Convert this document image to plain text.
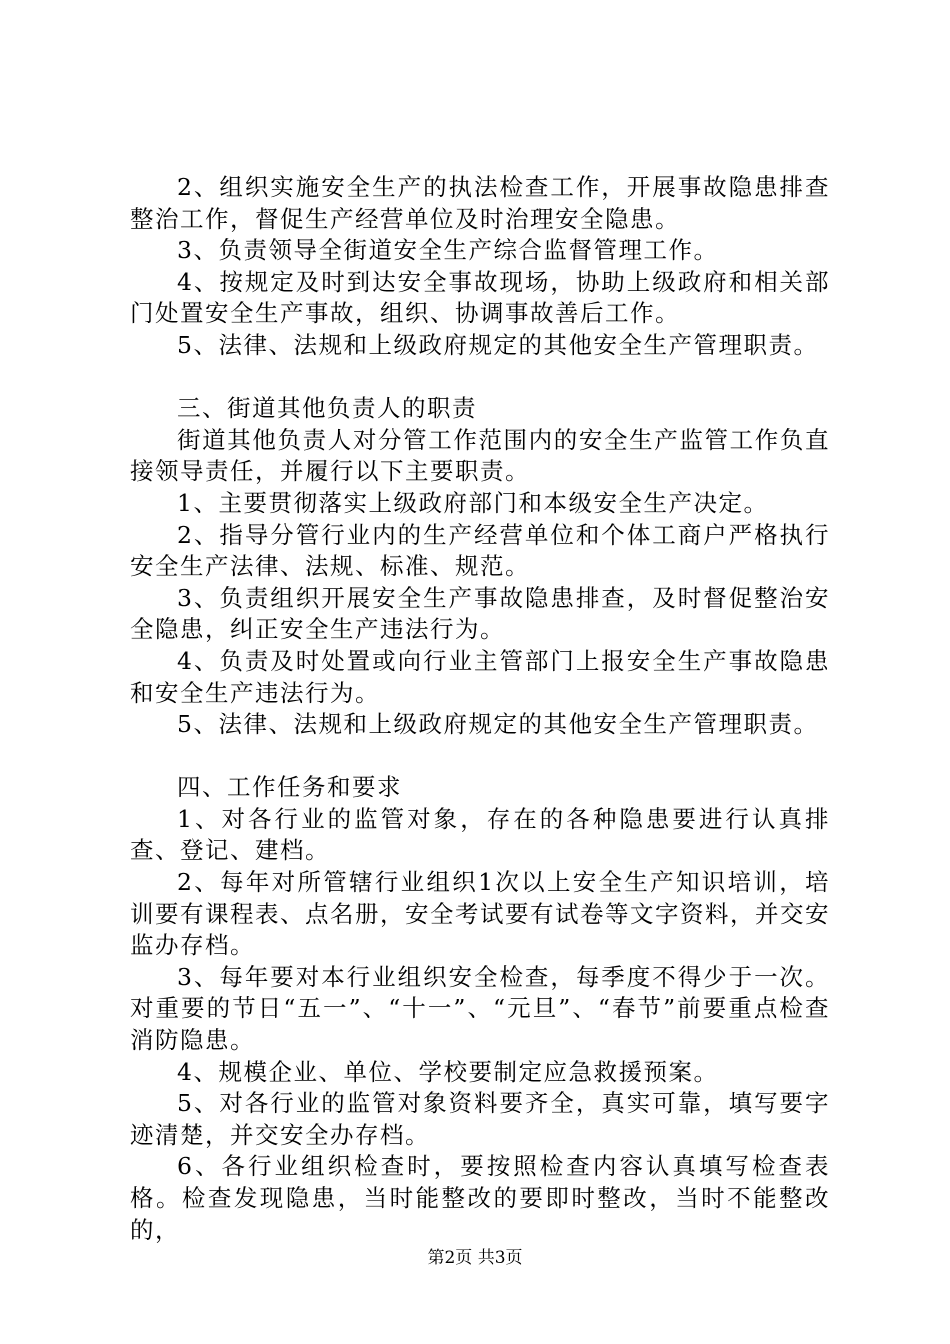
2、组织实施安全生产的执法检查工作，开展事故隐患排查整治工作，督促生产经营单位及时治理安全隐患。

3、负责领导全街道安全生产综合监督管理工作。

4、按规定及时到达安全事故现场，协助上级政府和相关部门处置安全生产事故，组织、协调事故善后工作。

5、法律、法规和上级政府规定的其他安全生产管理职责。

三、街道其他负责人的职责

街道其他负责人对分管工作范围内的安全生产监管工作负直接领导责任，并履行以下主要职责。

1、主要贯彻落实上级政府部门和本级安全生产决定。

2、指导分管行业内的生产经营单位和个体工商户严格执行安全生产法律、法规、标准、规范。

3、负责组织开展安全生产事故隐患排查，及时督促整治安全隐患，纠正安全生产违法行为。

4、负责及时处置或向行业主管部门上报安全生产事故隐患和安全生产违法行为。

5、法律、法规和上级政府规定的其他安全生产管理职责。

四、工作任务和要求

1、对各行业的监管对象，存在的各种隐患要进行认真排查、登记、建档。

2、每年对所管辖行业组织1次以上安全生产知识培训，培训要有课程表、点名册，安全考试要有试卷等文字资料，并交安监办存档。

3、每年要对本行业组织安全检查，每季度不得少于一次。对重要的节日“五一”、“十一”、“元旦”、“春节”前要重点检查消防隐患。

4、规模企业、单位、学校要制定应急救援预案。

5、对各行业的监管对象资料要齐全，真实可靠，填写要字迹清楚，并交安全办存档。

6、各行业组织检查时，要按照检查内容认真填写检查表格。检查发现隐患，当时能整改的要即时整改，当时不能整改的，

第2页 共3页
